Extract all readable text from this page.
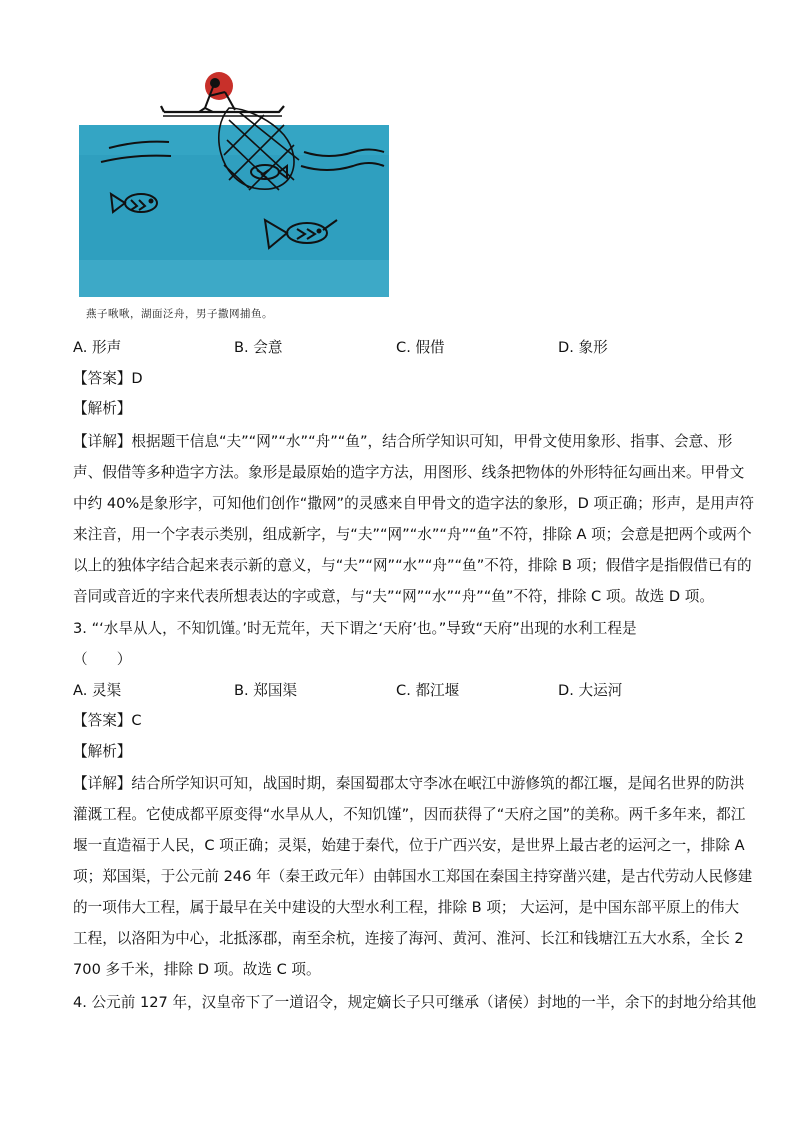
燕子啾啾，湖面泛舟，男子撒网捕鱼。
A. 形声	B. 会意	C. 假借	D. 象形
【答案】D
【解析】
【详解】根据题干信息“夫”“网”“水”“舟”“鱼”，结合所学知识可知，甲骨文使用象形、指事、会意、形
声、假借等多种造字方法。象形是最原始的造字方法，用图形、线条把物体的外形特征勾画出来。甲骨文
中约 40%是象形字，可知他们创作“撒网”的灵感来自甲骨文的造字法的象形，D 项正确；形声，是用声符
来注音，用一个字表示类别，组成新字，与“夫”“网”“水”“舟”“鱼”不符，排除 A 项；会意是把两个或两个
以上的独体字结合起来表示新的意义，与“夫”“网”“水”“舟”“鱼”不符，排除 B 项；假借字是指假借已有的
音同或音近的字来代表所想表达的字或意，与“夫”“网”“水”“舟”“鱼”不符，排除 C 项。故选 D 项。
3. “‘水旱从人，不知饥馑。’时无荒年，天下谓之‘天府’也。”导致“天府”出现的水利工程是
（　　）
A. 灵渠	B. 郑国渠	C. 都江堰	D. 大运河
【答案】C
【解析】
【详解】结合所学知识可知，战国时期，秦国蜀郡太守李冰在岷江中游修筑的都江堰，是闻名世界的防洪
灌溉工程。它使成都平原变得“水旱从人，不知饥馑”，因而获得了“天府之国”的美称。两千多年来，都江
堰一直造福于人民，C 项正确；灵渠，始建于秦代，位于广西兴安，是世界上最古老的运河之一，排除 A
项；郑国渠，于公元前 246 年（秦王政元年）由韩国水工郑国在秦国主持穿凿兴建，是古代劳动人民修建
的一项伟大工程，属于最早在关中建设的大型水利工程，排除 B 项； 大运河，是中国东部平原上的伟大
工程，以洛阳为中心，北抵涿郡，南至余杭，连接了海河、黄河、淮河、长江和钱塘江五大水系，全长 2
700 多千米，排除 D 项。故选 C 项。
4. 公元前 127 年，汉皇帝下了一道诏令，规定嫡长子只可继承（诸侯）封地的一半，余下的封地分给其他
